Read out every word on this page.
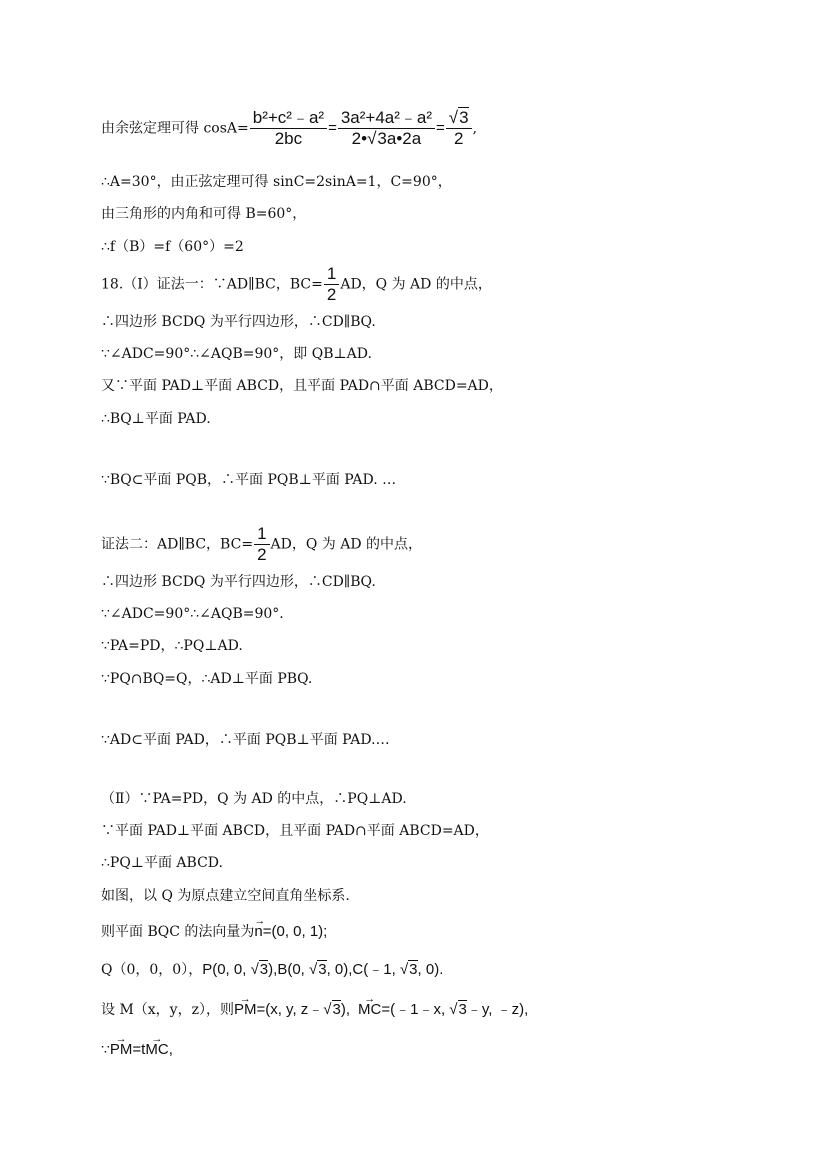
由余弦定理可得 $\cos A= \frac{\text{b²+c²﹣a²}}{2bc} = \frac{\text{3a²+4a²﹣a²}}{2•√3a•2a} = \frac{√3}{2}$ ,
∴A=30°，由正弦定理可得 sinC=2sinA=1，C=90°，
由三角形的内角和可得 B=60°，
∴f（B）=f（60°）=2
18.（Ⅰ）证法一：∵AD∥BC，$BC= \frac{1}{2}$ AD，Q 为 AD 的中点，
∴四边形 BCDQ 为平行四边形，∴CD∥BQ.
∵∠ADC=90°∴∠AQB=90°，即 QB⊥AD.
又∵平面 PAD⊥平面 ABCD，且平面 PAD∩平面 ABCD=AD，
∴BQ⊥平面 PAD.
∵BQ⊂平面 PQB，∴平面 PQB⊥平面 PAD. …
证法二：AD∥BC，$BC= \frac{1}{2}$ AD，Q 为 AD 的中点，
∴四边形 BCDQ 为平行四边形，∴CD∥BQ.
∵∠ADC=90°∴∠AQB=90°.
∵PA=PD，∴PQ⊥AD.
∵PQ∩BQ=Q，∴AD⊥平面 PBQ.
∵AD⊂平面 PAD，∴平面 PQB⊥平面 PAD.…
（Ⅱ）∵PA=PD，Q 为 AD 的中点，∴PQ⊥AD.
∵平面 PAD⊥平面 ABCD，且平面 PAD∩平面 ABCD=AD，
∴PQ⊥平面 ABCD.
如图，以 Q 为原点建立空间直角坐标系.
则平面 BQC 的法向量为→ n=(0, 0, 1);
Q（0，0，0），P(0, 0, √3),B(0, √3, 0),C(﹣1, √3, 0).
设 M（x，y，z），则→ PM=(x, y, z﹣√3),→ MC=(﹣1﹣x, √3﹣y, ﹣z),
∵→ PM=t→ MC,
